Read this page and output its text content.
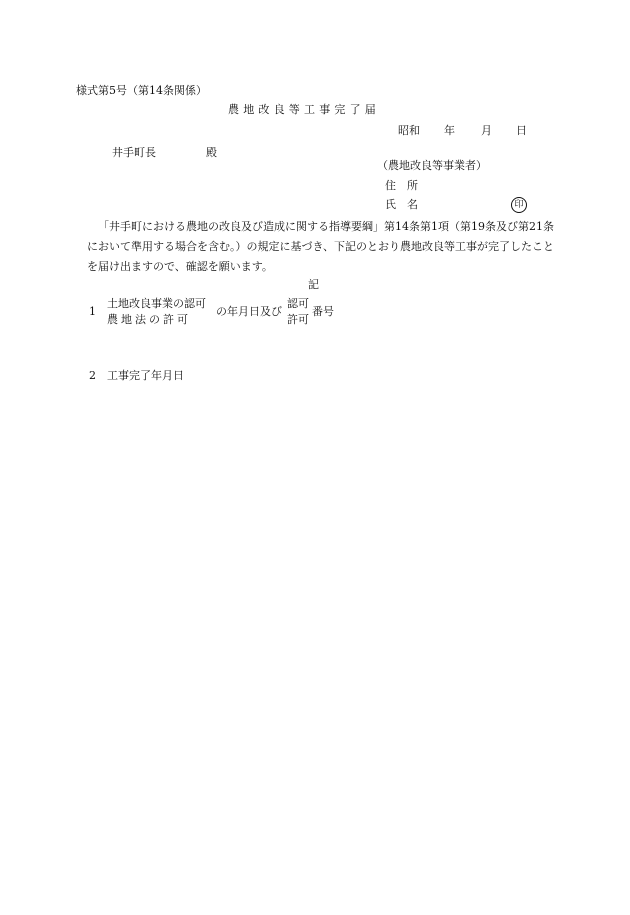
様式第5号（第14条関係）
農地改良等工事完了届
昭和 年 月 日
井手町長	殿
（農地改良等事業者）
住　所
氏　名	印
「井手町における農地の改良及び造成に関する指導要綱」第14条第1項（第19条及び第21条において準用する場合を含む。）の規定に基づき、下記のとおり農地改良等工事が完了したことを届け出ますので、確認を願います。
記
1
土地改良事業の認可
農地法の許可
の年月日及び
認可
許可
番号
2 工事完了年月日
